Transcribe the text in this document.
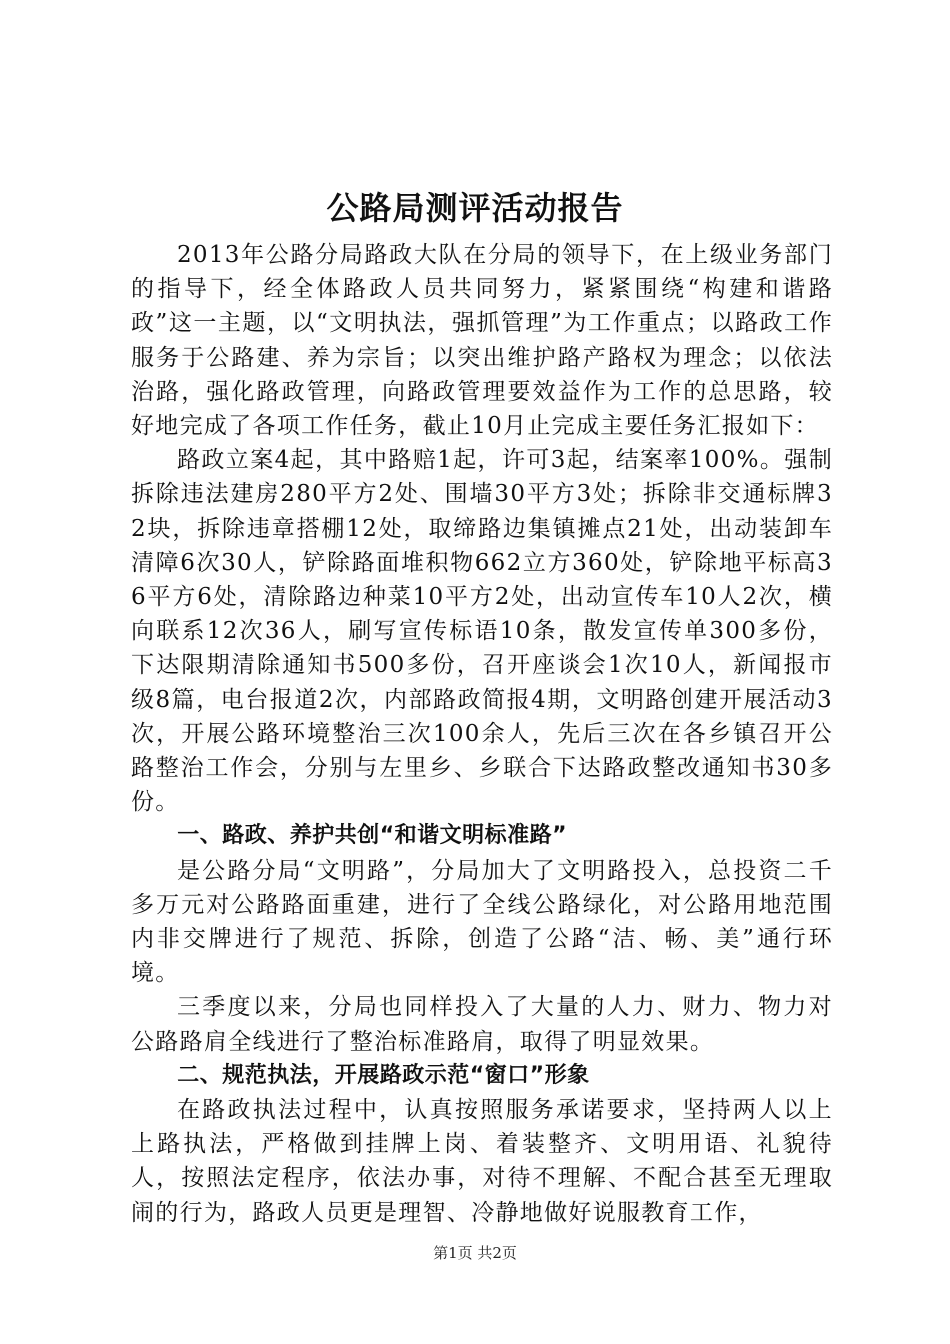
公路局测评活动报告

2013年公路分局路政大队在分局的领导下，在上级业务部门的指导下，经全体路政人员共同努力，紧紧围绕“构建和谐路政”这一主题，以“文明执法，强抓管理”为工作重点；以路政工作服务于公路建、养为宗旨；以突出维护路产路权为理念；以依法治路，强化路政管理，向路政管理要效益作为工作的总思路，较好地完成了各项工作任务，截止10月止完成主要任务汇报如下：

路政立案4起，其中路赔1起，许可3起，结案率100%。强制拆除违法建房280平方2处、围墙30平方3处；拆除非交通标牌32块，拆除违章搭棚12处，取缔路边集镇摊点21处，出动装卸车清障6次30人，铲除路面堆积物662立方360处，铲除地平标高36平方6处，清除路边种菜10平方2处，出动宣传车10人2次，横向联系12次36人，刷写宣传标语10条，散发宣传单300多份，下达限期清除通知书500多份，召开座谈会1次10人，新闻报市级8篇，电台报道2次，内部路政简报4期，文明路创建开展活动3次，开展公路环境整治三次100余人，先后三次在各乡镇召开公路整治工作会，分别与左里乡、乡联合下达路政整改通知书30多份。

一、路政、养护共创“和谐文明标准路”

是公路分局“文明路”，分局加大了文明路投入，总投资二千多万元对公路路面重建，进行了全线公路绿化，对公路用地范围内非交牌进行了规范、拆除，创造了公路“洁、畅、美”通行环境。

三季度以来，分局也同样投入了大量的人力、财力、物力对公路路肩全线进行了整治标准路肩，取得了明显效果。

二、规范执法，开展路政示范“窗口”形象

在路政执法过程中，认真按照服务承诺要求，坚持两人以上上路执法，严格做到挂牌上岗、着装整齐、文明用语、礼貌待人，按照法定程序，依法办事，对待不理解、不配合甚至无理取闹的行为，路政人员更是理智、冷静地做好说服教育工作，

第1页 共2页
